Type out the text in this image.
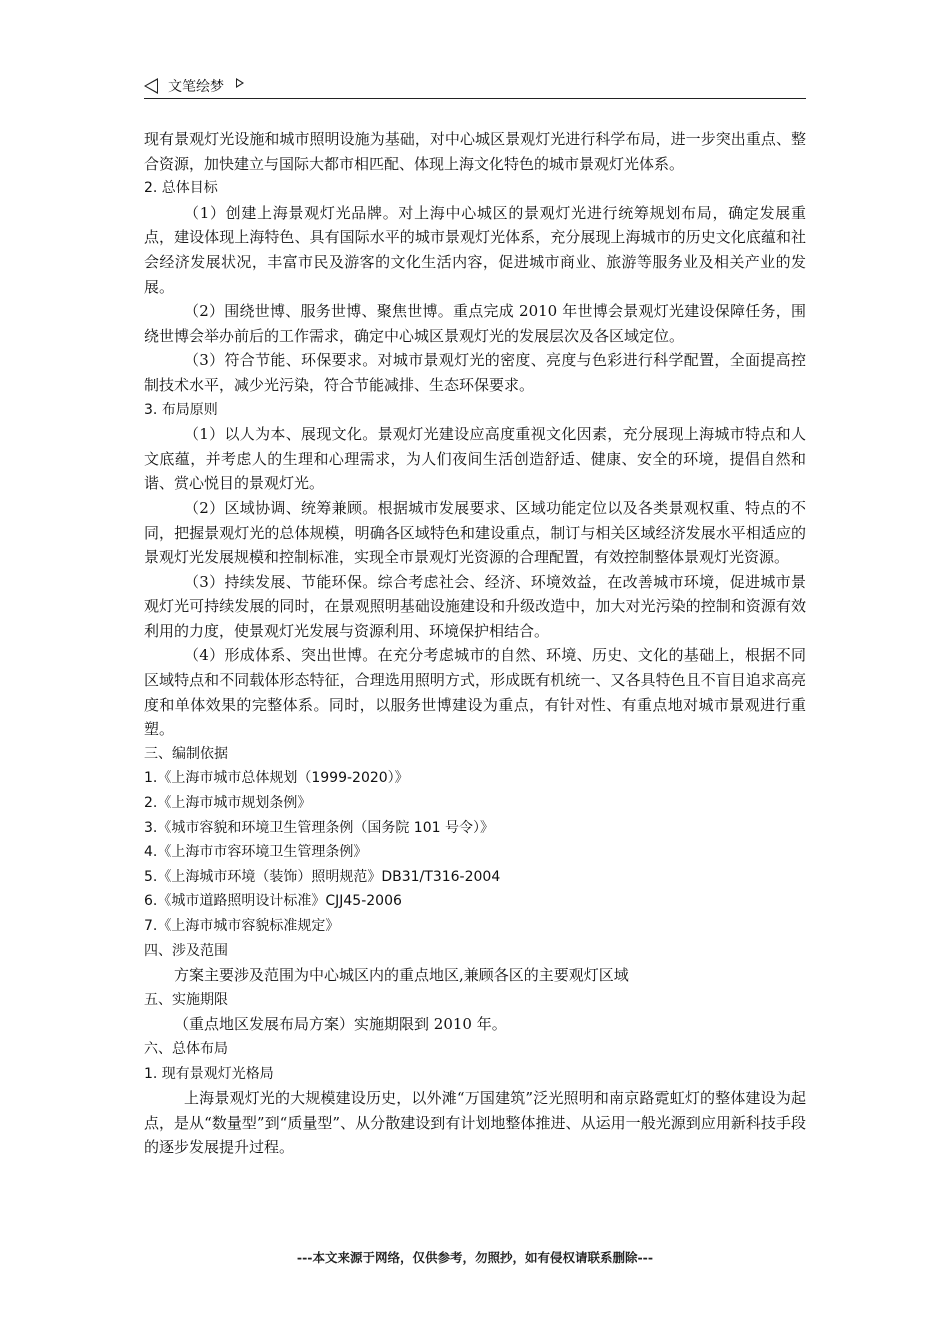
文笔绘梦

现有景观灯光设施和城市照明设施为基础，对中心城区景观灯光进行科学布局，进一步突出重点、整合资源，加快建立与国际大都市相匹配、体现上海文化特色的城市景观灯光体系。

2. 总体目标

（1）创建上海景观灯光品牌。对上海中心城区的景观灯光进行统筹规划布局，确定发展重点，建设体现上海特色、具有国际水平的城市景观灯光体系，充分展现上海城市的历史文化底蕴和社会经济发展状况，丰富市民及游客的文化生活内容，促进城市商业、旅游等服务业及相关产业的发展。

（2）围绕世博、服务世博、聚焦世博。重点完成 2010 年世博会景观灯光建设保障任务，围绕世博会举办前后的工作需求，确定中心城区景观灯光的发展层次及各区域定位。

（3）符合节能、环保要求。对城市景观灯光的密度、亮度与色彩进行科学配置，全面提高控制技术水平，减少光污染，符合节能减排、生态环保要求。

3. 布局原则

（1）以人为本、展现文化。景观灯光建设应高度重视文化因素，充分展现上海城市特点和人文底蕴，并考虑人的生理和心理需求，为人们夜间生活创造舒适、健康、安全的环境，提倡自然和谐、赏心悦目的景观灯光。

（2）区域协调、统筹兼顾。根据城市发展要求、区域功能定位以及各类景观权重、特点的不同，把握景观灯光的总体规模，明确各区域特色和建设重点，制订与相关区域经济发展水平相适应的景观灯光发展规模和控制标准，实现全市景观灯光资源的合理配置，有效控制整体景观灯光资源。

（3）持续发展、节能环保。综合考虑社会、经济、环境效益，在改善城市环境，促进城市景观灯光可持续发展的同时，在景观照明基础设施建设和升级改造中，加大对光污染的控制和资源有效利用的力度，使景观灯光发展与资源利用、环境保护相结合。

（4）形成体系、突出世博。在充分考虑城市的自然、环境、历史、文化的基础上，根据不同区域特点和不同载体形态特征，合理选用照明方式，形成既有机统一、又各具特色且不盲目追求高亮度和单体效果的完整体系。同时，以服务世博建设为重点，有针对性、有重点地对城市景观进行重塑。

三、编制依据

1.《上海市城市总体规划（1999-2020）》

2.《上海市城市规划条例》

3.《城市容貌和环境卫生管理条例（国务院 101 号令）》

4.《上海市市容环境卫生管理条例》

5.《上海城市环境（装饰）照明规范》DB31/T316-2004

6.《城市道路照明设计标准》CJJ45-2006

7.《上海市城市容貌标准规定》

四、涉及范围

方案主要涉及范围为中心城区内的重点地区,兼顾各区的主要观灯区域

五、实施期限

（重点地区发展布局方案）实施期限到 2010 年。

六、总体布局

1. 现有景观灯光格局

上海景观灯光的大规模建设历史，以外滩“万国建筑”泛光照明和南京路霓虹灯的整体建设为起点，是从“数量型”到“质量型”、从分散建设到有计划地整体推进、从运用一般光源到应用新科技手段的逐步发展提升过程。

---本文来源于网络，仅供参考，勿照抄，如有侵权请联系删除---
